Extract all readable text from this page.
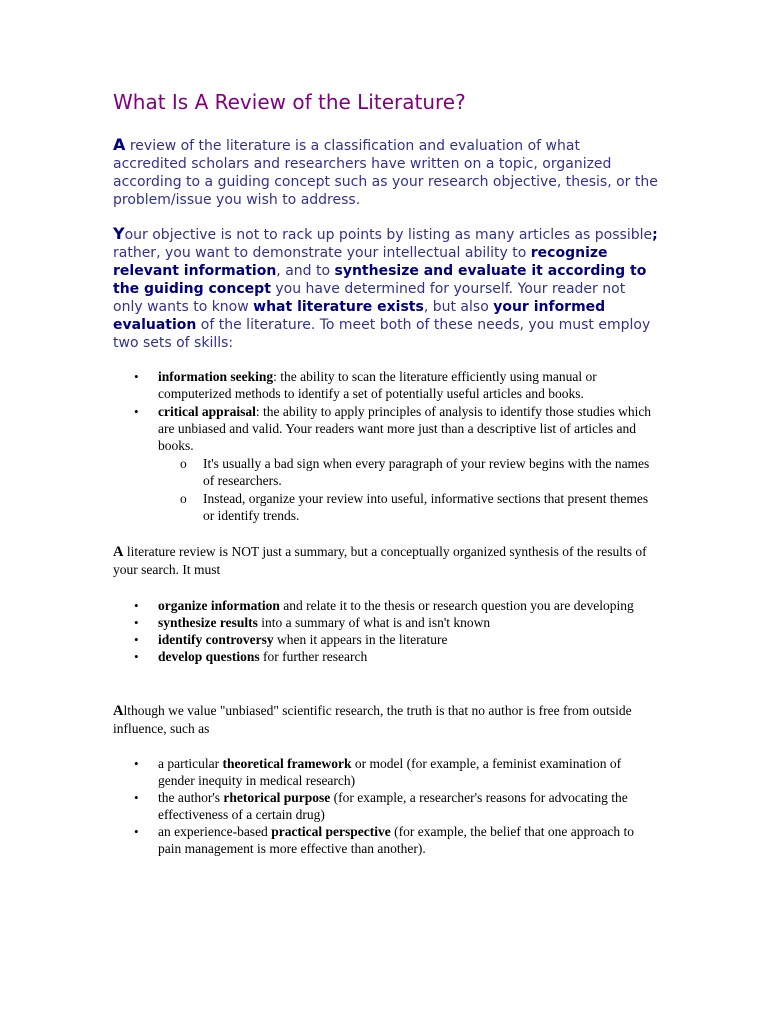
What Is A Review of the Literature?

A review of the literature is a classification and evaluation of what accredited scholars and researchers have written on a topic, organized according to a guiding concept such as your research objective, thesis, or the problem/issue you wish to address.

Your objective is not to rack up points by listing as many articles as possible; rather, you want to demonstrate your intellectual ability to recognize relevant information, and to synthesize and evaluate it according to the guiding concept you have determined for yourself. Your reader not only wants to know what literature exists, but also your informed evaluation of the literature. To meet both of these needs, you must employ two sets of skills:

• information seeking: the ability to scan the literature efficiently using manual or computerized methods to identify a set of potentially useful articles and books.
• critical appraisal: the ability to apply principles of analysis to identify those studies which are unbiased and valid. Your readers want more just than a descriptive list of articles and books.
o It's usually a bad sign when every paragraph of your review begins with the names of researchers.
o Instead, organize your review into useful, informative sections that present themes or identify trends.

A literature review is NOT just a summary, but a conceptually organized synthesis of the results of your search. It must

• organize information and relate it to the thesis or research question you are developing
• synthesize results into a summary of what is and isn't known
• identify controversy when it appears in the literature
• develop questions for further research

Although we value "unbiased" scientific research, the truth is that no author is free from outside influence, such as

• a particular theoretical framework or model (for example, a feminist examination of gender inequity in medical research)
• the author's rhetorical purpose (for example, a researcher's reasons for advocating the effectiveness of a certain drug)
• an experience-based practical perspective (for example, the belief that one approach to pain management is more effective than another).
